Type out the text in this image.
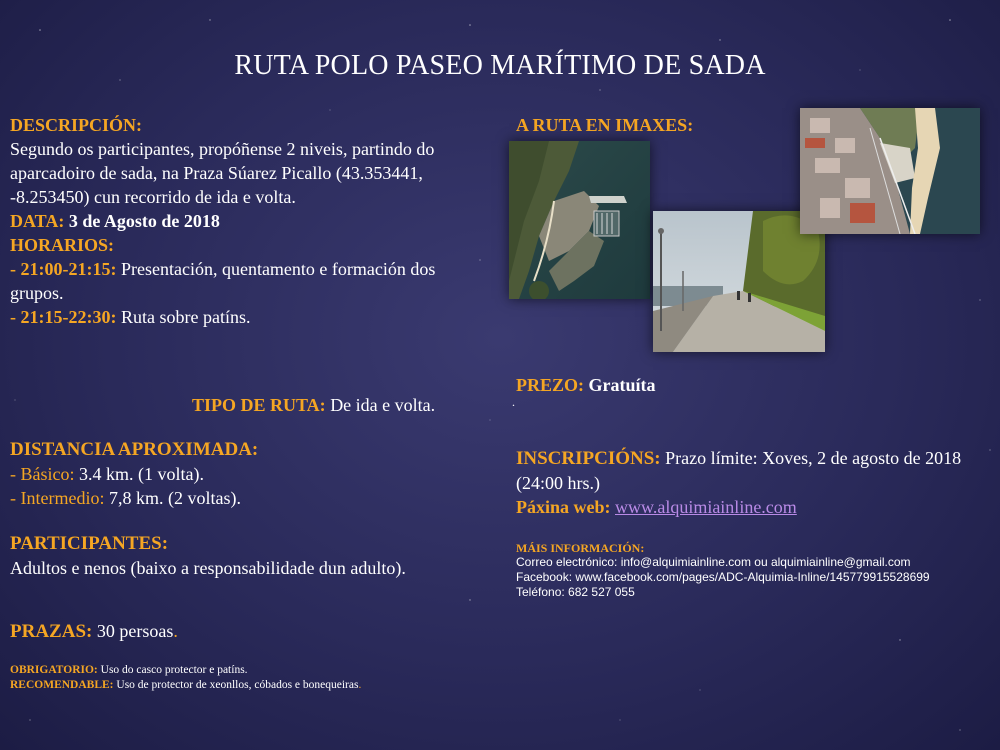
RUTA POLO PASEO MARÍTIMO DE SADA
DESCRIPCIÓN:
Segundo os participantes, propóñense 2 niveis, partindo do aparcadoiro de sada, na Praza Súarez Picallo (43.353441, -8.253450) cun recorrido de ida e volta.
DATA: 3 de Agosto de 2018
HORARIOS:
- 21:00-21:15: Presentación, quentamento e formación dos grupos.
- 21:15-22:30: Ruta sobre patíns.
TIPO DE RUTA: De ida e volta.
DISTANCIA APROXIMADA:
- Básico: 3.4 km. (1 volta).
- Intermedio: 7,8 km. (2 voltas).
PARTICIPANTES:
Adultos e nenos (baixo a responsabilidade dun adulto).
PRAZAS: 30 persoas.
OBRIGATORIO: Uso do casco protector e patíns.
RECOMENDABLE: Uso de protector de xeonllos, cóbados e bonequeiras.
A RUTA EN IMAXES:
PREZO: Gratuíta
.
INSCRIPCIÓNS: Prazo límite: Xoves, 2 de agosto de 2018 (24:00 hrs.)
Páxina web: www.alquimiainline.com
MÁIS INFORMACIÓN:
Correo electrónico: info@alquimiainline.com ou alquimiainline@gmail.com
Facebook: www.facebook.com/pages/ADC-Alquimia-Inline/145779915528699
Teléfono: 682 527 055
